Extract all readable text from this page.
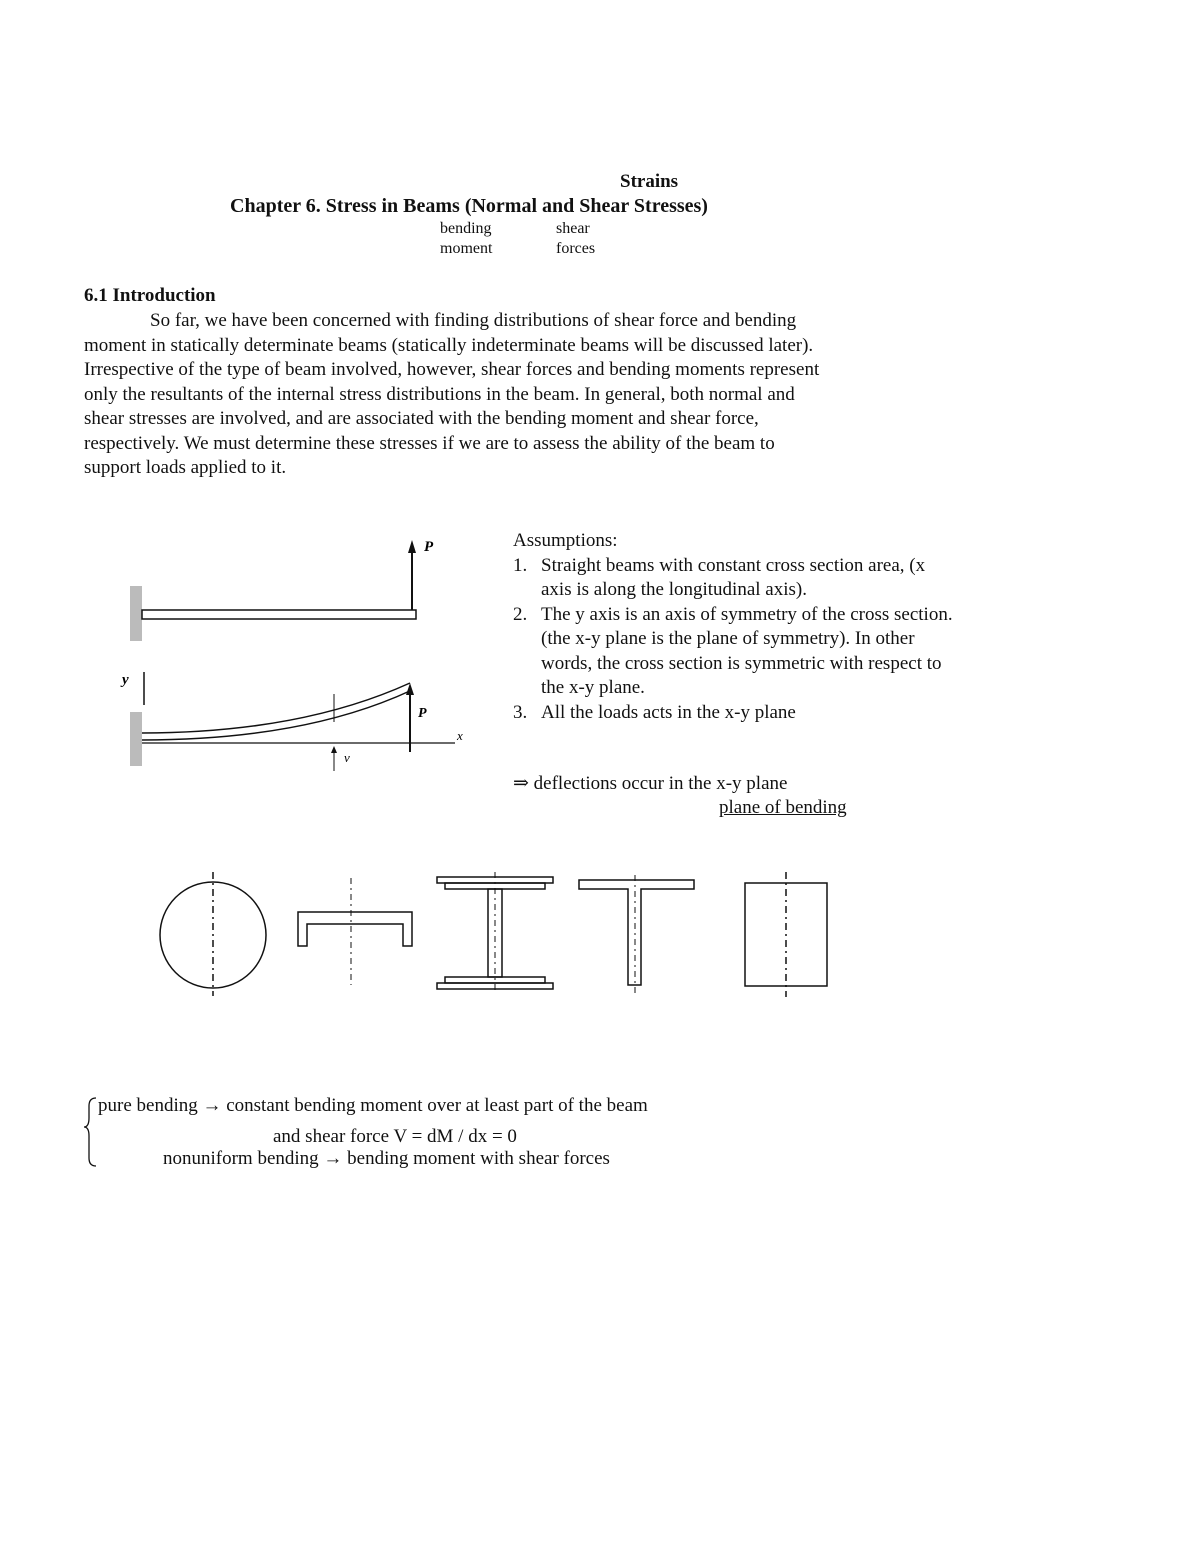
Strains
Chapter 6. Stress in Beams (Normal and Shear Stresses)
bending
moment
shear
forces
6.1 Introduction
So far, we have been concerned with finding distributions of shear force and bending
moment in statically determinate beams (statically indeterminate beams will be discussed later).
Irrespective of the type of beam involved, however, shear forces and bending moments represent
only the resultants of the internal stress distributions in the beam. In general, both normal and
shear stresses are involved, and are associated with the bending moment and shear force,
respectively. We must determine these stresses if we are to assess the ability of the beam to
support loads applied to it.
P
y
P
x
v
Assumptions:
1. Straight beams with constant cross section area, (x axis is along the longitudinal axis).
2. The y axis is an axis of symmetry of the cross section. (the x-y plane is the plane of symmetry). In other words, the cross section is symmetric with respect to the x-y plane.
3. All the loads acts in the x-y plane
⇒ deflections occur in the x-y plane
plane of bending
pure bending → constant bending moment over at least part of the beam
and shear force V = dM / dx = 0
nonuniform bending → bending moment with shear forces
